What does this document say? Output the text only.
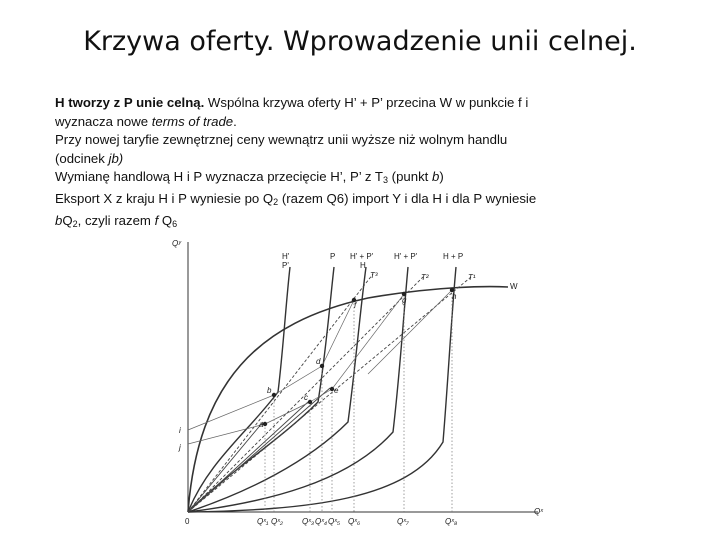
Krzywa oferty. Wprowadzenie unii celnej.
H tworzy z P unie celną. Wspólna krzywa oferty H’ + P’ przecina W w punkcie f i
wyznacza nowe terms of trade.
Przy nowej taryfie zewnętrznej ceny wewnątrz unii wyższe niż wolnym handlu
(odcinek jb)
Wymianę handlową H i P wyznacza przecięcie H’, P’ z $T_3$ (punkt b)
Eksport X z kraju H i P wyniesie po $Q_2$ (razem Q6) import Y i dla H i dla P wyniesie
$bQ_2$, czyli razem f $Q_6$
Qʸ
Qˣ
0
W
H'
P'
P H' + P'
H
H' + P'	H + P
T³	T²	T¹
a
b
c
d
e
f
g	h
i
j
Qˣ₁ Qˣ₂ Qˣ₃ Qˣ₄ Qˣ₅ Qˣ₆	Qˣ₇	Qˣ₈
